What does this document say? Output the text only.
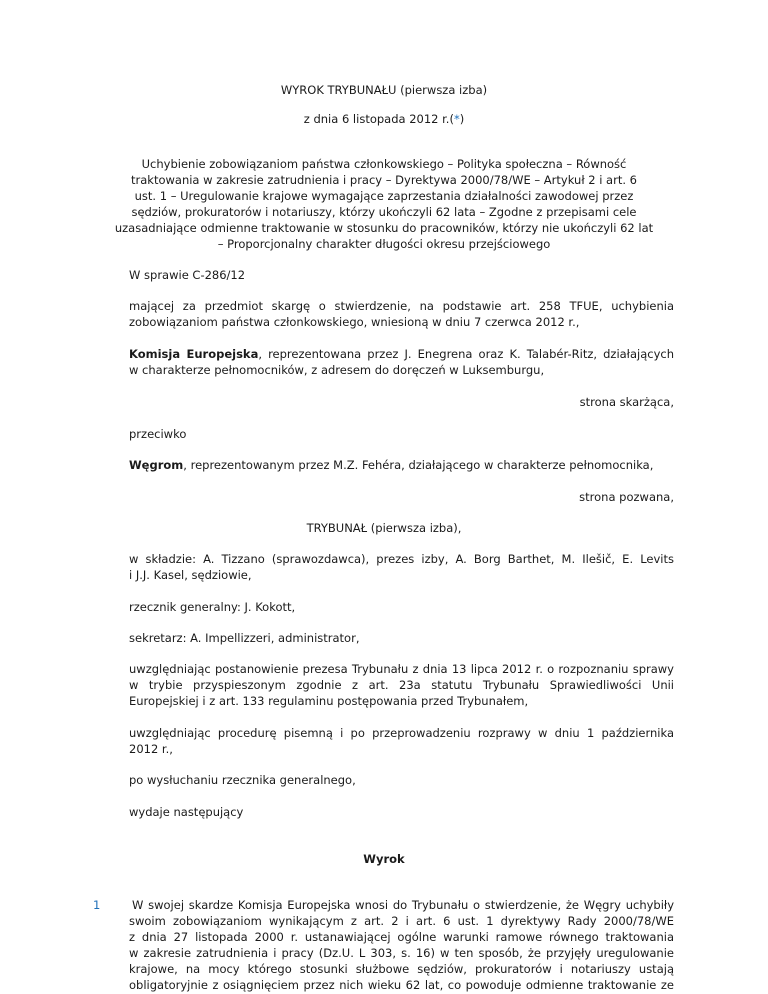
WYROK TRYBUNAŁU (pierwsza izba)
z dnia 6 listopada 2012 r.(*)
Uchybienie zobowiązaniom państwa członkowskiego – Polityka społeczna – Równość
traktowania w zakresie zatrudnienia i pracy – Dyrektywa 2000/78/WE – Artykuł 2 i art. 6
ust. 1 – Uregulowanie krajowe wymagające zaprzestania działalności zawodowej przez
sędziów, prokuratorów i notariuszy, którzy ukończyli 62 lata – Zgodne z przepisami cele
uzasadniające odmienne traktowanie w stosunku do pracowników, którzy nie ukończyli 62 lat
– Proporcjonalny charakter długości okresu przejściowego
W sprawie C-286/12
mającej za przedmiot skargę o stwierdzenie, na podstawie art. 258 TFUE, uchybienia
zobowiązaniom państwa członkowskiego, wniesioną w dniu 7 czerwca 2012 r.,
Komisja Europejska, reprezentowana przez J. Enegrena oraz K. Talabér-Ritz, działających
w charakterze pełnomocników, z adresem do doręczeń w Luksemburgu,
strona skarżąca,
przeciwko
Węgrom, reprezentowanym przez M.Z. Fehéra, działającego w charakterze pełnomocnika,
strona pozwana,
TRYBUNAŁ (pierwsza izba),
w składzie: A. Tizzano (sprawozdawca), prezes izby, A. Borg Barthet, M. Ilešič, E. Levits
i J.J. Kasel, sędziowie,
rzecznik generalny: J. Kokott,
sekretarz: A. Impellizzeri, administrator,
uwzględniając postanowienie prezesa Trybunału z dnia 13 lipca 2012 r. o rozpoznaniu sprawy
w trybie przyspieszonym zgodnie z art. 23a statutu Trybunału Sprawiedliwości Unii
Europejskiej i z art. 133 regulaminu postępowania przed Trybunałem,
uwzględniając procedurę pisemną i po przeprowadzeniu rozprawy w dniu 1 października
2012 r.,
po wysłuchaniu rzecznika generalnego,
wydaje następujący
Wyrok
1	W swojej skardze Komisja Europejska wnosi do Trybunału o stwierdzenie, że Węgry uchybiły
swoim zobowiązaniom wynikającym z art. 2 i art. 6 ust. 1 dyrektywy Rady 2000/78/WE
z dnia 27 listopada 2000 r. ustanawiającej ogólne warunki ramowe równego traktowania
w zakresie zatrudnienia i pracy (Dz.U. L 303, s. 16) w ten sposób, że przyjęły uregulowanie
krajowe, na mocy którego stosunki służbowe sędziów, prokuratorów i notariuszy ustają
obligatoryjnie z osiągnięciem przez nich wieku 62 lat, co powoduje odmienne traktowanie ze
